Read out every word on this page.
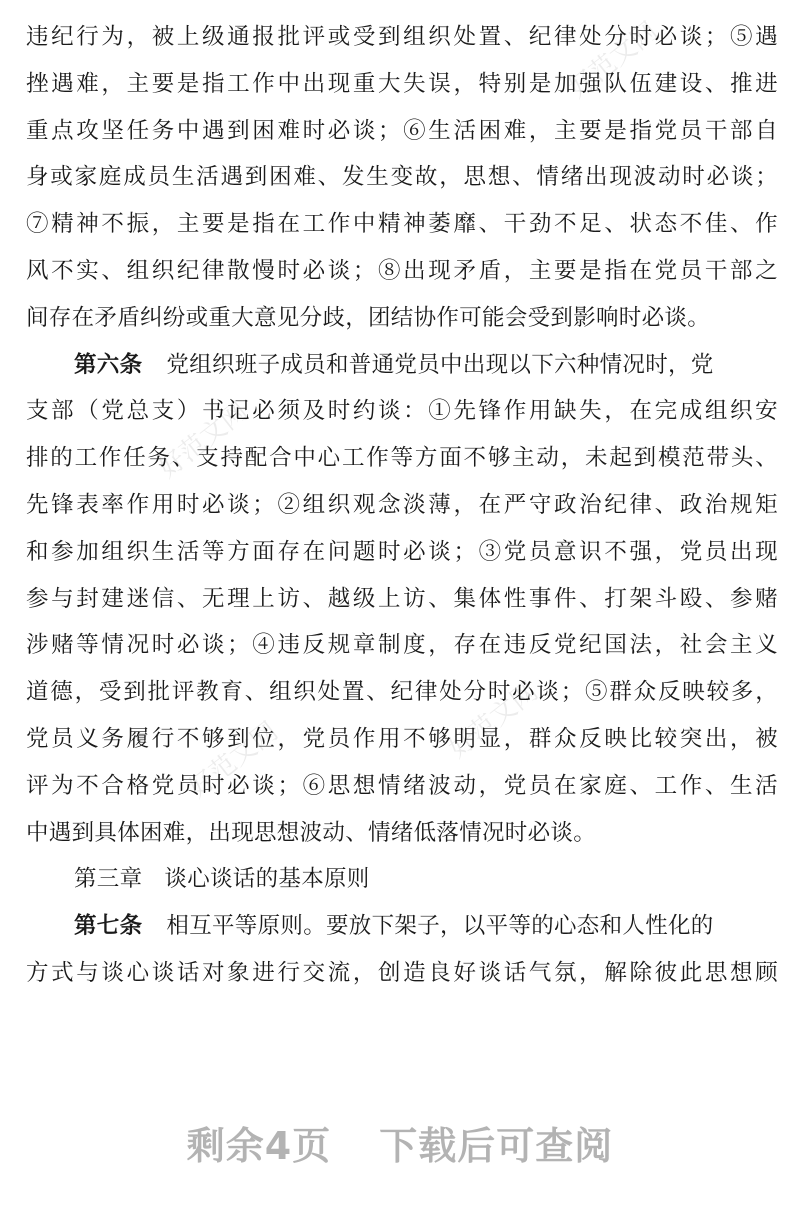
好范文网
好范文网
好范文网
好范文网
违纪行为，被上级通报批评或受到组织处置、纪律处分时必谈；⑤遇
挫遇难，主要是指工作中出现重大失误，特别是加强队伍建设、推进
重点攻坚任务中遇到困难时必谈；⑥生活困难，主要是指党员干部自
身或家庭成员生活遇到困难、发生变故，思想、情绪出现波动时必谈；
⑦精神不振，主要是指在工作中精神萎靡、干劲不足、状态不佳、作
风不实、组织纪律散慢时必谈；⑧出现矛盾，主要是指在党员干部之
间存在矛盾纠纷或重大意见分歧，团结协作可能会受到影响时必谈。
第六条 党组织班子成员和普通党员中出现以下六种情况时，党
支部（党总支）书记必须及时约谈：①先锋作用缺失，在完成组织安
排的工作任务、支持配合中心工作等方面不够主动，未起到模范带头、
先锋表率作用时必谈；②组织观念淡薄，在严守政治纪律、政治规矩
和参加组织生活等方面存在问题时必谈；③党员意识不强，党员出现
参与封建迷信、无理上访、越级上访、集体性事件、打架斗殴、参赌
涉赌等情况时必谈；④违反规章制度，存在违反党纪国法，社会主义
道德，受到批评教育、组织处置、纪律处分时必谈；⑤群众反映较多，
党员义务履行不够到位，党员作用不够明显，群众反映比较突出，被
评为不合格党员时必谈；⑥思想情绪波动，党员在家庭、工作、生活
中遇到具体困难，出现思想波动、情绪低落情况时必谈。
第三章 谈心谈话的基本原则
第七条 相互平等原则。要放下架子，以平等的心态和人性化的
方式与谈心谈话对象进行交流，创造良好谈话气氛，解除彼此思想顾
剩余4页 下载后可查阅
